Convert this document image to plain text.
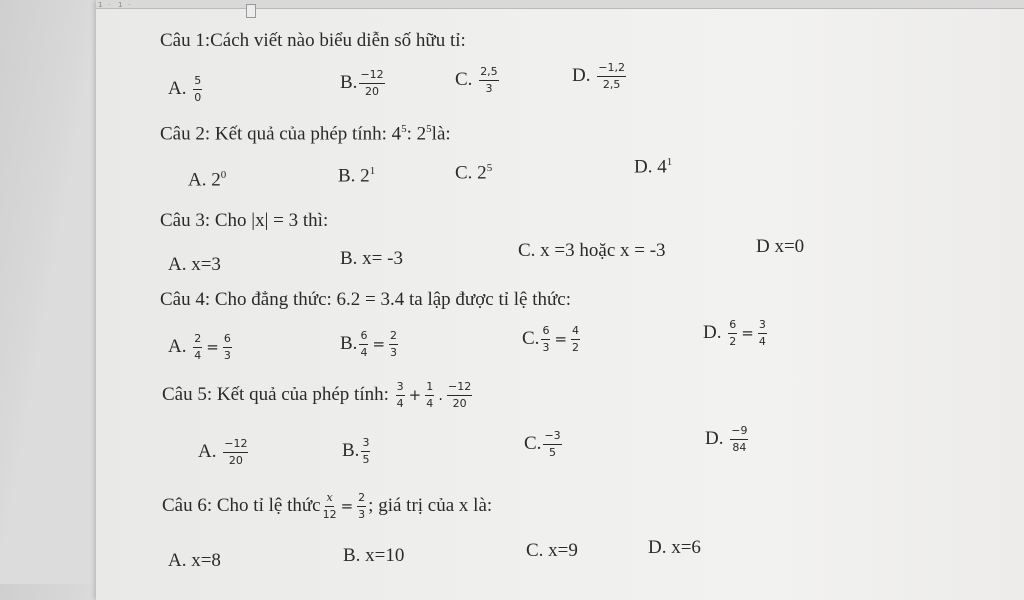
1 · 1 ·
Câu 1:Cách viết nào biểu diễn số hữu tỉ:
A. $\frac{5}{0}$	B. $\frac{-12}{20}$	C. $\frac{2,5}{3}$	D. $\frac{-1,2}{2,5}$
Câu 2: Kết quả của phép tính: $4^5$: $2^5là$:
A. $2^0$	B. $2^1$	C. $2^5$	D. $4^1$
Câu 3: Cho |x| = 3 thì:
A. x=3	B. x= -3	C. x =3 hoặc x = -3	D x=0
Câu 4: Cho đẳng thức: 6.2 = 3.4 ta lập được tỉ lệ thức:
A. $\frac{2}{4} = \frac{6}{3}$	B. $\frac{6}{4} = \frac{2}{3}$	C. $\frac{6}{3} = \frac{4}{2}$	D. $\frac{6}{2} = \frac{3}{4}$
Câu 5: Kết quả của phép tính: $\frac{3}{4} + \frac{1}{4}$ . $\frac{-12}{20}$
A. $\frac{-12}{20}$	B. $\frac{3}{5}$	C. $\frac{-3}{5}$	D. $\frac{-9}{84}$
Câu 6: Cho tỉ lệ thức $\frac{x}{12} = \frac{2}{3}$ ; giá trị của x là:
A. x=8	B. x=10	C. x=9	D. x=6
